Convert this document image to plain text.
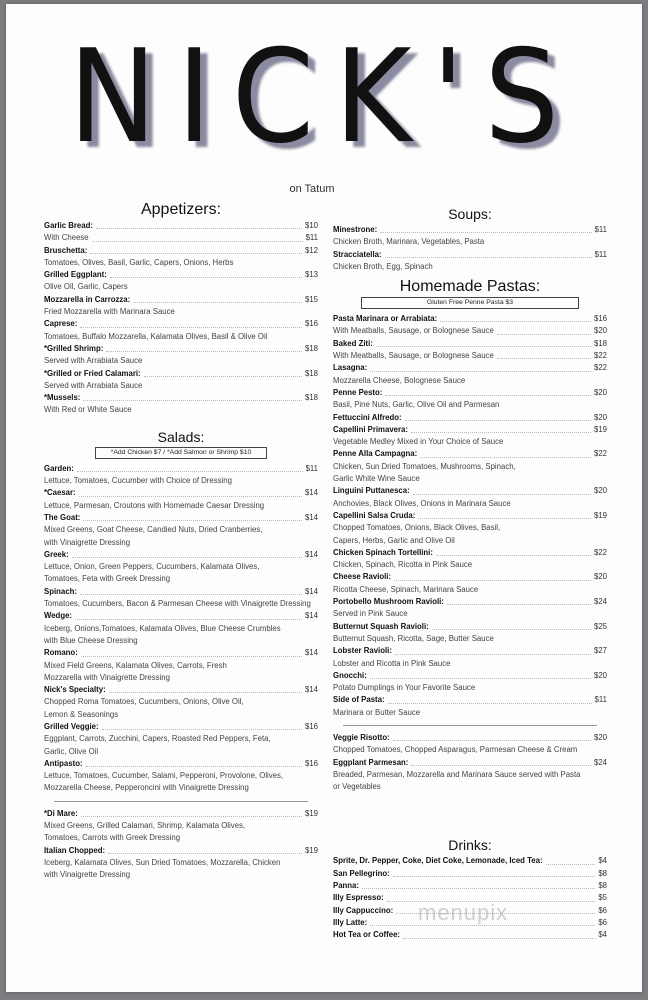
NICK'S
on Tatum
Appetizers:
Garlic Bread:	$10
With Cheese	$11
Bruschetta:	$12
Tomatoes, Olives, Basil, Garlic, Capers, Onions, Herbs
Grilled Eggplant:	$13
Olive Oil, Garlic, Capers
Mozzarella in Carrozza:	$15
Fried Mozzarella with Marinara Sauce
Caprese:	$16
Tomatoes, Buffalo Mozzarella, Kalamata Olives, Basil & Olive Oil
*Grilled Shrimp:	$18
Served with Arrabiata Sauce
*Grilled or Fried Calamari:	$18
Served with Arrabiata Sauce
*Mussels:	$18
With Red or White Sauce
Salads:
*Add Chicken $7 / *Add Salmon or Shrimp $10
Garden:	$11
Lettuce, Tomatoes, Cucumber with Choice of Dressing
*Caesar:	$14
Lettuce, Parmesan, Croutons with Homemade Caesar Dressing
The Goat:	$14
Mixed Greens, Goat Cheese, Candied Nuts, Dried Cranberries,
with Vinaigrette Dressing
Greek:	$14
Lettuce, Onion, Green Peppers, Cucumbers, Kalamata Olives,
Tomatoes, Feta with Greek Dressing
Spinach:	$14
Tomatoes, Cucumbers, Bacon & Parmesan Cheese with Vinaigrette Dressing
Wedge:	$14
Iceberg, Onions,Tomatoes, Kalamata Olives, Blue Cheese Crumbles
with Blue Cheese Dressing
Romano:	$14
Mixed Field Greens, Kalamata Olives, Carrots, Fresh
Mozzarella with Vinaigrette Dressing
Nick's Specialty:	$14
Chopped Roma Tomatoes, Cucumbers, Onions, Olive Oil,
Lemon & Seasonings
Grilled Veggie:	$16
Eggplant, Carrots, Zucchini, Capers, Roasted Red Peppers, Feta,
Garlic, Olive Oil
Antipasto:	$16
Lettuce, Tomatoes, Cucumber, Salami, Pepperoni, Provolone, Olives,
Mozzarella Cheese, Pepperoncini with Vinaigrette Dressing
*Di Mare:	$19
Mixed Greens, Grilled Calamari, Shrimp, Kalamata Olives,
Tomatoes, Carrots with Greek Dressing
Italian Chopped:	$19
Iceberg, Kalamata Olives, Sun Dried Tomatoes, Mozzarella, Chicken
with Vinaigrette Dressing
Soups:
Minestrone:	$11
Chicken Broth, Marinara, Vegetables, Pasta
Stracciatella:	$11
Chicken Broth, Egg, Spinach
Homemade Pastas:
Gluten Free Penne Pasta $3
Pasta Marinara or Arrabiata:	$16
With Meatballs, Sausage, or Bolognese Sauce	$20
Baked Ziti:	$18
With Meatballs, Sausage, or Bolognese Sauce	$22
Lasagna:	$22
Mozzarella Cheese, Bolognese Sauce
Penne Pesto:	$20
Basil, Pine Nuts, Garlic, Olive Oil and Parmesan
Fettuccini Alfredo:	$20
Capellini Primavera:	$19
Vegetable Medley Mixed in Your Choice of Sauce
Penne Alla Campagna:	$22
Chicken, Sun Dried Tomatoes, Mushrooms, Spinach,
Garlic White Wine Sauce
Linguini Puttanesca:	$20
Anchovies, Black Olives, Onions in Marinara Sauce
Capellini Salsa Cruda:	$19
Chopped Tomatoes, Onions, Black Olives, Basil,
Capers, Herbs, Garlic and Olive Oil
Chicken Spinach Tortellini:	$22
Chicken, Spinach, Ricotta in Pink Sauce
Cheese Ravioli:	$20
Ricotta Cheese, Spinach, Marinara Sauce
Portobello Mushroom Ravioli:	$24
Served in Pink Sauce
Butternut Squash Ravioli:	$25
Butternut Squash, Ricotta, Sage, Butter Sauce
Lobster Ravioli:	$27
Lobster and Ricotta in Pink Sauce
Gnocchi:	$20
Potato Dumplings in Your Favorite Sauce
Side of Pasta:	$11
Marinara or Butter Sauce
Veggie Risotto:	$20
Chopped Tomatoes, Chopped Asparagus, Parmesan Cheese & Cream
Eggplant Parmesan:	$24
Breaded, Parmesan, Mozzarella and Marinara Sauce served with Pasta
or Vegetables
Drinks:
Sprite, Dr. Pepper, Coke, Diet Coke, Lemonade, Iced Tea:	$4
San Pellegrino:	$8
Panna:	$8
Illy Espresso:	$5
Illy Cappuccino:	$6
Illy Latte:	$6
Hot Tea or Coffee:	$4
menupix
